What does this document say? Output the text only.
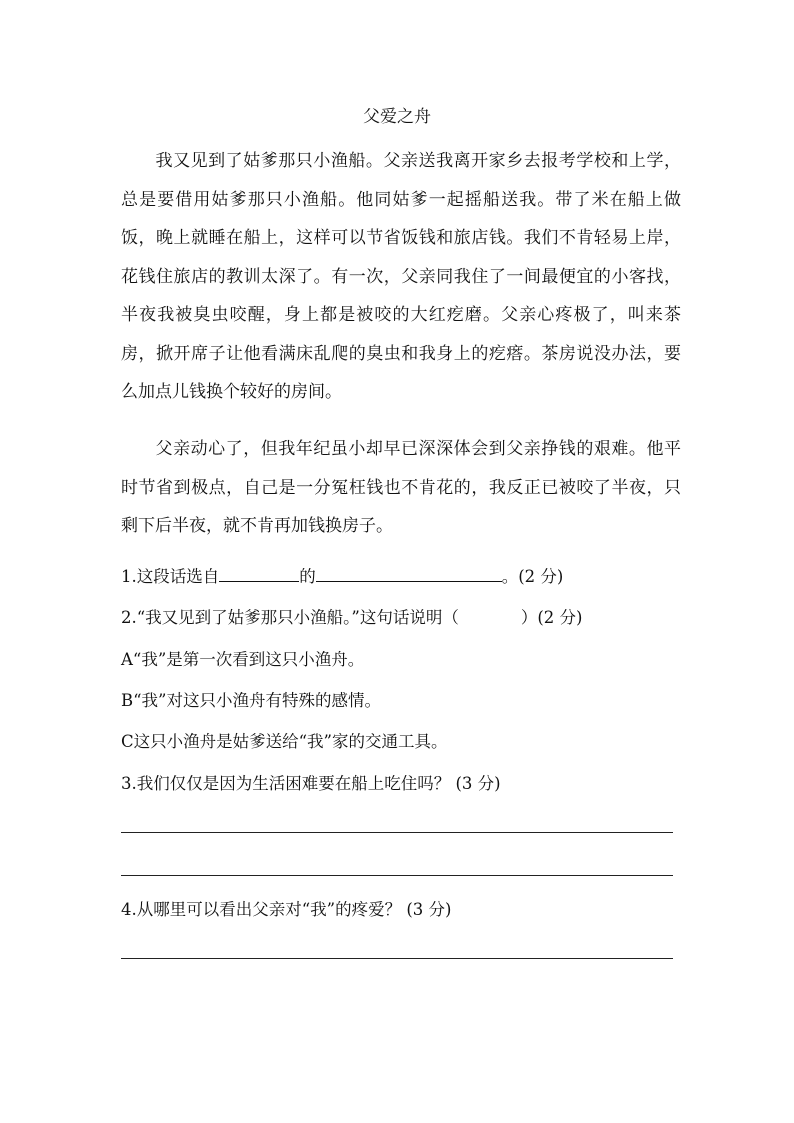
父爱之舟
我又见到了姑爹那只小渔船。父亲送我离开家乡去报考学校和上学，总是要借用姑爹那只小渔船。他同姑爹一起摇船送我。带了米在船上做饭，晚上就睡在船上，这样可以节省饭钱和旅店钱。我们不肯轻易上岸，花钱住旅店的教训太深了。有一次，父亲同我住了一间最便宜的小客找，半夜我被臭虫咬醒，身上都是被咬的大红疙磨。父亲心疼极了，叫来茶房，掀开席子让他看满床乱爬的臭虫和我身上的疙瘩。茶房说没办法，要么加点儿钱换个较好的房间。
父亲动心了，但我年纪虽小却早已深深体会到父亲挣钱的艰难。他平时节省到极点，自己是一分冤枉钱也不肯花的，我反正已被咬了半夜，只剩下后半夜，就不肯再加钱换房子。
1.这段话选自	的	。(2 分)
2.“我又见到了姑爹那只小渔船。”这句话说明（	）(2 分)
A“我”是第一次看到这只小渔舟。
B“我”对这只小渔舟有特殊的感情。
C这只小渔舟是姑爹送给“我”家的交通工具。
3.我们仅仅是因为生活困难要在船上吃住吗？ (3 分)
4.从哪里可以看出父亲对“我”的疼爱？ (3 分)
